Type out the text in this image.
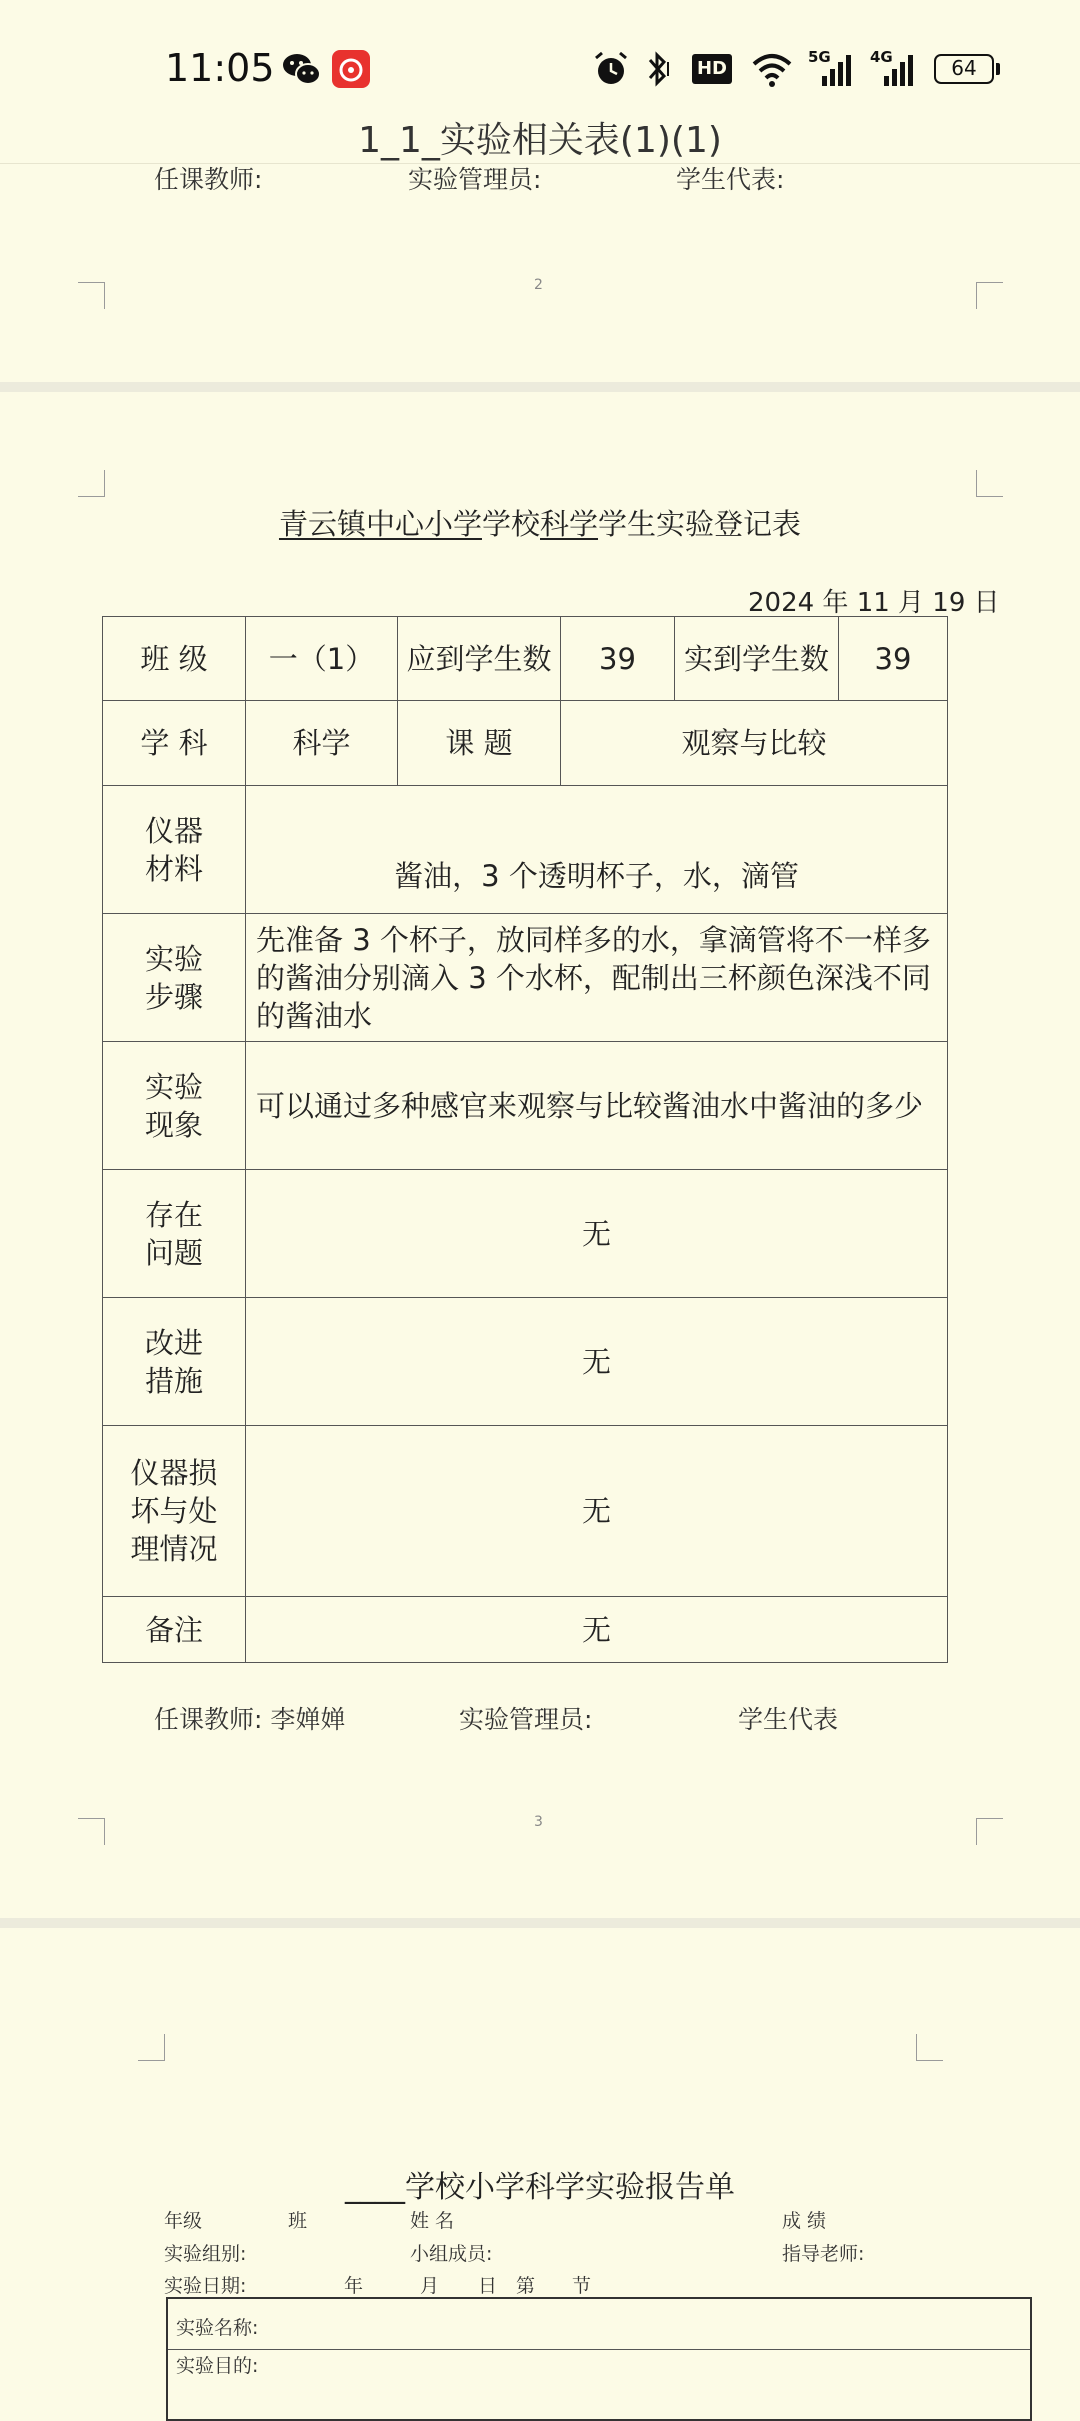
11:05	HD
5G	4G	64
1_1_实验相关表(1)(1)
任课教师:	实验管理员:	学生代表:
2
青云镇中心小学学校科学学生实验登记表
2024 年 11 月 19 日
班 级	一（1）	应到学生数	39	实到学生数	39
学 科	科学	课 题	观察与比较		
仪器
材料	酱油，3 个透明杯子，水，滴管				
实验
步骤	先准备 3 个杯子，放同样多的水，拿滴管将不一样多的酱油分别滴入 3 个水杯，配制出三杯颜色深浅不同的酱油水				
实验
现象	可以通过多种感官来观察与比较酱油水中酱油的多少				
存在
问题	无				
改进
措施	无				
仪器损
坏与处
理情况	无				
备注	无				
任课教师: 李婵婵	实验管理员:	学生代表
3
____学校小学科学实验报告单
年级	班	姓 名	成 绩
实验组别:	小组成员:	指导老师:
实验日期:	年	月 日 第 节
实验名称:
实验目的:
